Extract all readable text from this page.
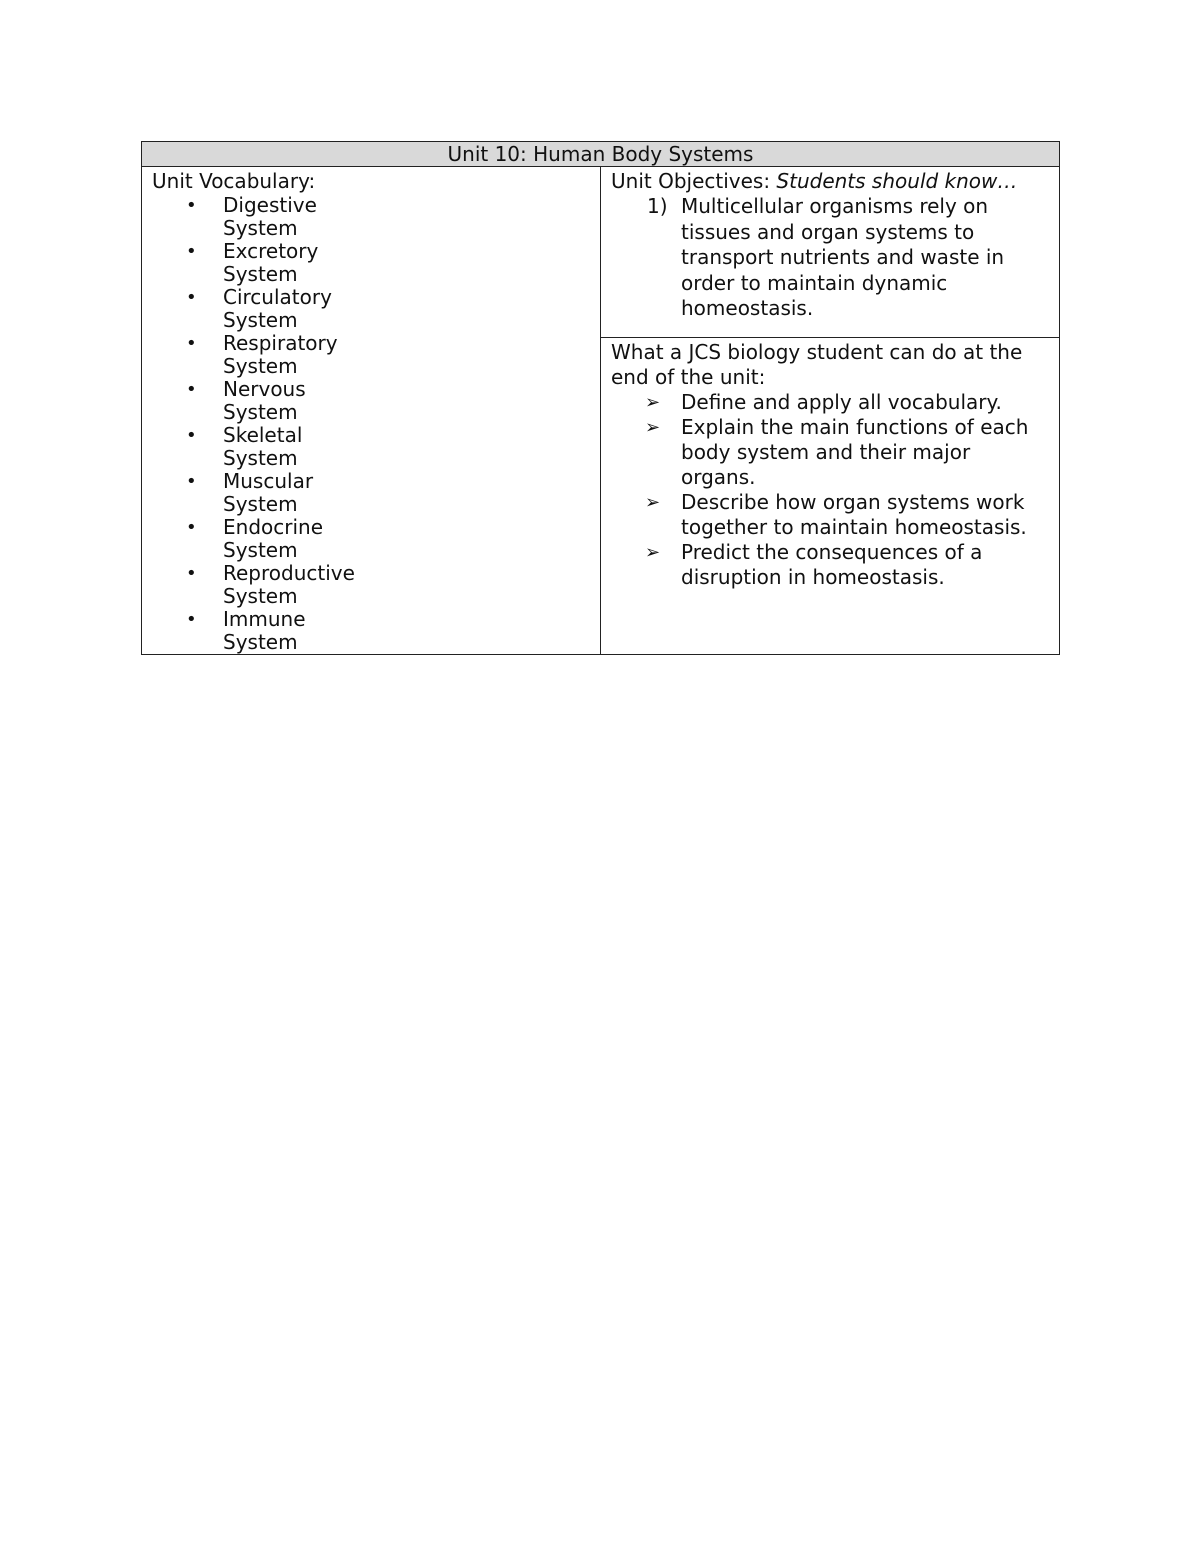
Unit 10: Human Body Systems

Unit Vocabulary:
• Digestive
System
• Excretory
System
• Circulatory
System
• Respiratory
System
• Nervous
System
• Skeletal
System
• Muscular
System
• Endocrine
System
• Reproductive
System
• Immune
System

Unit Objectives: Students should know…
1) Multicellular organisms rely on tissues and organ systems to transport nutrients and waste in order to maintain dynamic homeostasis.

What a JCS biology student can do at the end of the unit:
➢ Define and apply all vocabulary.
➢ Explain the main functions of each body system and their major organs.
➢ Describe how organ systems work together to maintain homeostasis.
➢ Predict the consequences of a disruption in homeostasis.
